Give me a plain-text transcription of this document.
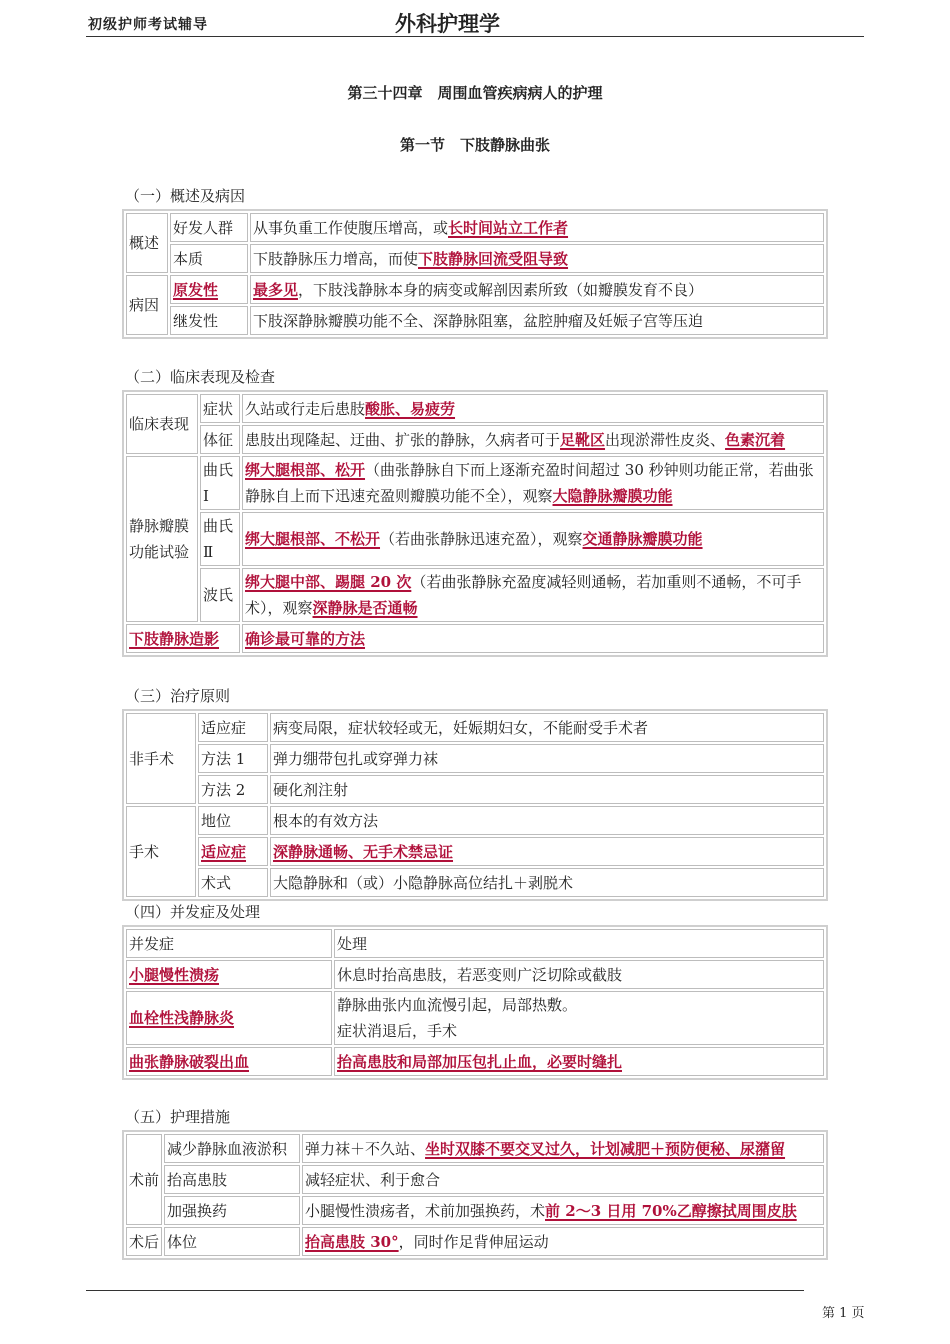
初级护师考试辅导	外科护理学
第三十四章　周围血管疾病病人的护理
第一节　下肢静脉曲张
（一）概述及病因
概述	好发人群	从事负重工作使腹压增高，或长时间站立工作者
	本质	下肢静脉压力增高，而使下肢静脉回流受阻导致
病因	原发性	最多见，下肢浅静脉本身的病变或解剖因素所致（如瓣膜发育不良）
	继发性	下肢深静脉瓣膜功能不全、深静脉阻塞，盆腔肿瘤及妊娠子宫等压迫
（二）临床表现及检查
临床表现	症状	久站或行走后患肢酸胀、易疲劳
	体征	患肢出现隆起、迂曲、扩张的静脉，久病者可于足靴区出现淤滞性皮炎、色素沉着
静脉瓣膜功能试验	曲氏Ⅰ	绑大腿根部、松开（曲张静脉自下而上逐渐充盈时间超过 30 秒钟则功能正常，若曲张静脉自上而下迅速充盈则瓣膜功能不全），观察大隐静脉瓣膜功能
	曲氏Ⅱ	绑大腿根部、不松开（若曲张静脉迅速充盈），观察交通静脉瓣膜功能
	波氏	绑大腿中部、踢腿 20 次（若曲张静脉充盈度减轻则通畅，若加重则不通畅，不可手术），观察深静脉是否通畅
下肢静脉造影		确诊最可靠的方法
（三）治疗原则
非手术	适应症	病变局限，症状较轻或无，妊娠期妇女，不能耐受手术者
	方法 1	弹力绷带包扎或穿弹力袜
	方法 2	硬化剂注射
手术	地位	根本的有效方法
	适应症	深静脉通畅、无手术禁忌证
	术式	大隐静脉和（或）小隐静脉高位结扎＋剥脱术
（四）并发症及处理
并发症	处理
小腿慢性溃疡	休息时抬高患肢，若恶变则广泛切除或截肢
血栓性浅静脉炎	静脉曲张内血流慢引起，局部热敷。
症状消退后，手术

曲张静脉破裂出血	抬高患肢和局部加压包扎止血，必要时缝扎
（五）护理措施
术前	减少静脉血液淤积	弹力袜＋不久站、坐时双膝不要交叉过久，计划减肥＋预防便秘、尿潴留
	抬高患肢	减轻症状、利于愈合
	加强换药	小腿慢性溃疡者，术前加强换药，术前 2～3 日用 70%乙醇擦拭周围皮肤
术后	体位	抬高患肢 30°，同时作足背伸屈运动
第 1 页
